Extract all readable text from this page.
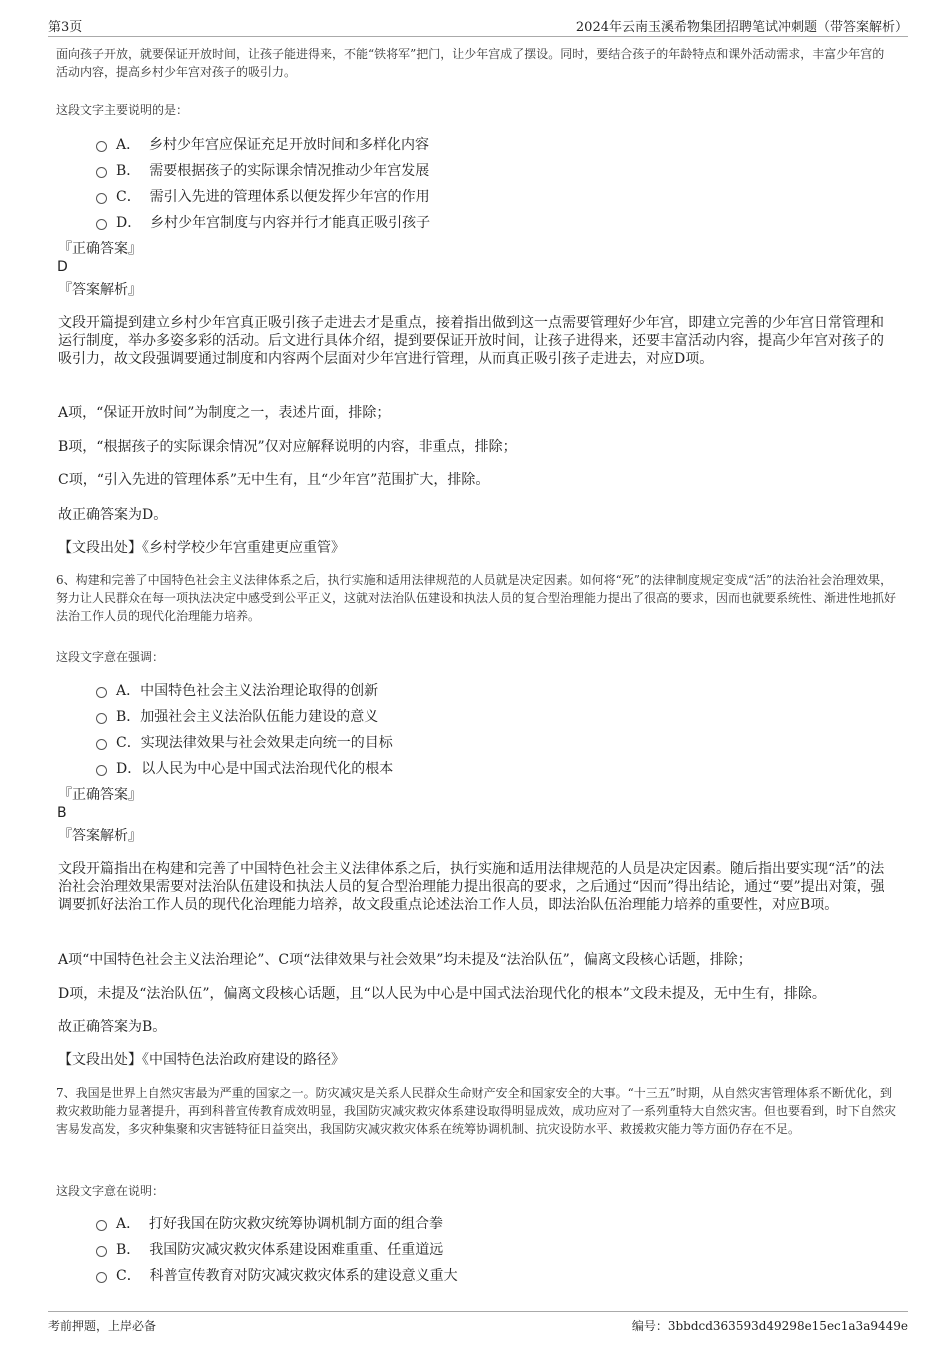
第3页	2024年云南玉溪希物集团招聘笔试冲刺题（带答案解析）
面向孩子开放，就要保证开放时间，让孩子能进得来，不能“铁将军”把门，让少年宫成了摆设。同时，要结合孩子的年龄特点和课外活动需求，丰富少年宫的活动内容，提高乡村少年宫对孩子的吸引力。
这段文字主要说明的是：
A． 乡村少年宫应保证充足开放时间和多样化内容
B． 需要根据孩子的实际课余情况推动少年宫发展
C． 需引入先进的管理体系以便发挥少年宫的作用
D． 乡村少年宫制度与内容并行才能真正吸引孩子
『正确答案』
D
『答案解析』
文段开篇提到建立乡村少年宫真正吸引孩子走进去才是重点，接着指出做到这一点需要管理好少年宫，即建立完善的少年宫日常管理和运行制度，举办多姿多彩的活动。后文进行具体介绍，提到要保证开放时间，让孩子进得来，还要丰富活动内容，提高少年宫对孩子的吸引力，故文段强调要通过制度和内容两个层面对少年宫进行管理，从而真正吸引孩子走进去，对应D项。
A项，“保证开放时间”为制度之一，表述片面，排除；
B项，“根据孩子的实际课余情况”仅对应解释说明的内容，非重点，排除；
C项，“引入先进的管理体系”无中生有，且“少年宫”范围扩大，排除。
故正确答案为D。
【文段出处】《乡村学校少年宫重建更应重管》
6、构建和完善了中国特色社会主义法律体系之后，执行实施和适用法律规范的人员就是决定因素。如何将“死”的法律制度规定变成“活”的法治社会治理效果，努力让人民群众在每一项执法决定中感受到公平正义，这就对法治队伍建设和执法人员的复合型治理能力提出了很高的要求，因而也就要系统性、渐进性地抓好法治工作人员的现代化治理能力培养。
这段文字意在强调：
A．中国特色社会主义法治理论取得的创新
B．加强社会主义法治队伍能力建设的意义
C．实现法律效果与社会效果走向统一的目标
D．以人民为中心是中国式法治现代化的根本
『正确答案』
B
『答案解析』
文段开篇指出在构建和完善了中国特色社会主义法律体系之后，执行实施和适用法律规范的人员是决定因素。随后指出要实现“活”的法治社会治理效果需要对法治队伍建设和执法人员的复合型治理能力提出很高的要求，之后通过“因而”得出结论，通过“要”提出对策，强调要抓好法治工作人员的现代化治理能力培养，故文段重点论述法治工作人员，即法治队伍治理能力培养的重要性，对应B项。
A项“中国特色社会主义法治理论”、C项“法律效果与社会效果”均未提及“法治队伍”，偏离文段核心话题，排除；
D项，未提及“法治队伍”，偏离文段核心话题，且“以人民为中心是中国式法治现代化的根本”文段未提及，无中生有，排除。
故正确答案为B。
【文段出处】《中国特色法治政府建设的路径》
7、我国是世界上自然灾害最为严重的国家之一。防灾减灾是关系人民群众生命财产安全和国家安全的大事。“十三五”时期，从自然灾害管理体系不断优化，到救灾救助能力显著提升，再到科普宣传教育成效明显，我国防灾减灾救灾体系建设取得明显成效，成功应对了一系列重特大自然灾害。但也要看到，时下自然灾害易发高发，多灾种集聚和灾害链特征日益突出，我国防灾减灾救灾体系在统筹协调机制、抗灾设防水平、救援救灾能力等方面仍存在不足。
这段文字意在说明：
A． 打好我国在防灾救灾统筹协调机制方面的组合拳
B． 我国防灾减灾救灾体系建设困难重重、任重道远
C． 科普宣传教育对防灾减灾救灾体系的建设意义重大
考前押题，上岸必备	编号：3bbdcd363593d49298e15ec1a3a9449e
